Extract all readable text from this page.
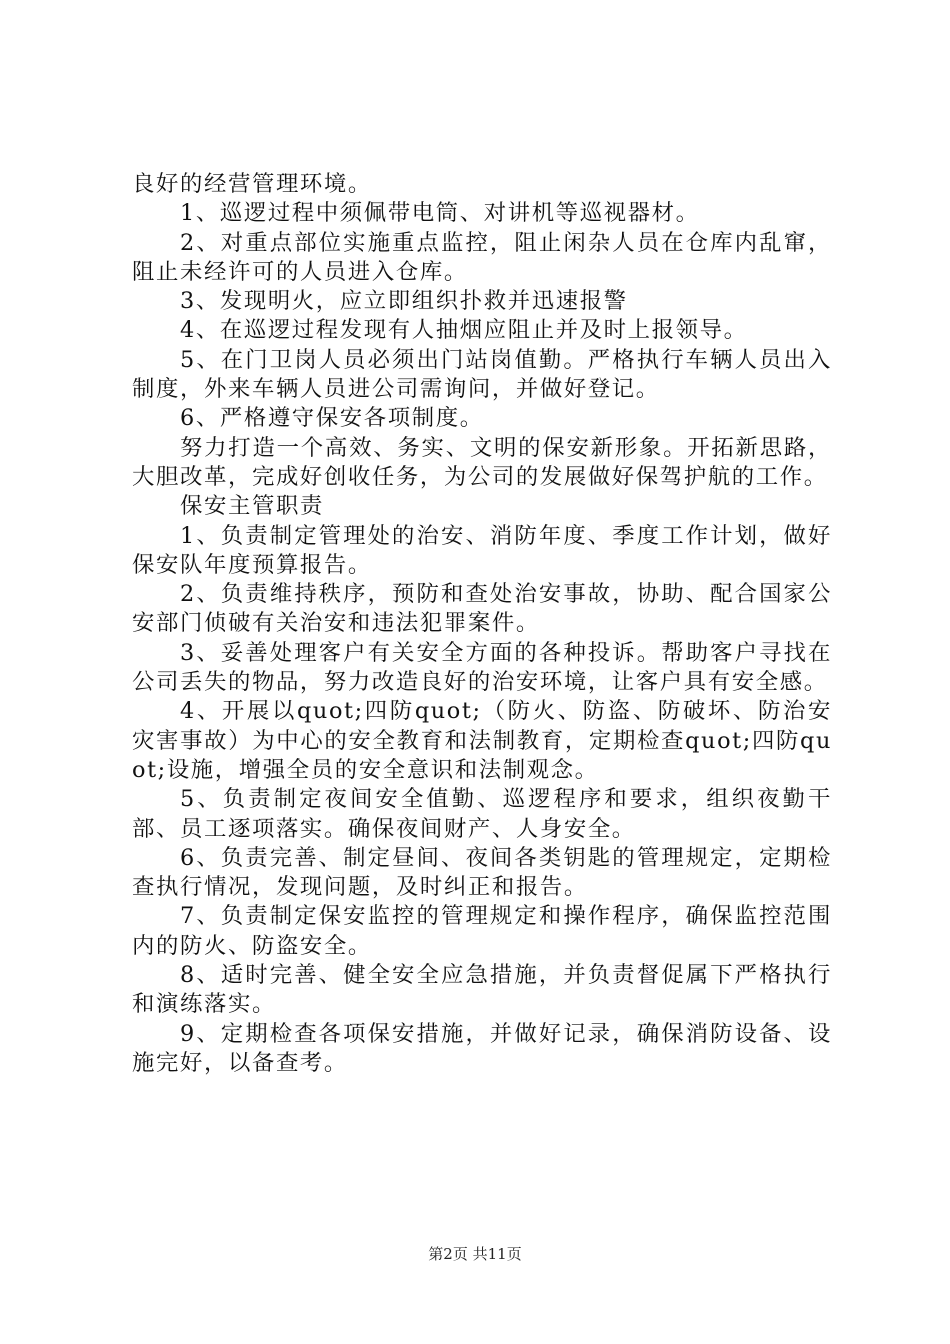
良好的经营管理环境。

1、巡逻过程中须佩带电筒、对讲机等巡视器材。

2、对重点部位实施重点监控，阻止闲杂人员在仓库内乱窜，阻止未经许可的人员进入仓库。

3、发现明火，应立即组织扑救并迅速报警

4、在巡逻过程发现有人抽烟应阻止并及时上报领导。

5、在门卫岗人员必须出门站岗值勤。严格执行车辆人员出入制度，外来车辆人员进公司需询问，并做好登记。

6、严格遵守保安各项制度。

努力打造一个高效、务实、文明的保安新形象。开拓新思路，大胆改革，完成好创收任务，为公司的发展做好保驾护航的工作。

保安主管职责

1、负责制定管理处的治安、消防年度、季度工作计划，做好保安队年度预算报告。

2、负责维持秩序，预防和查处治安事故，协助、配合国家公安部门侦破有关治安和违法犯罪案件。

3、妥善处理客户有关安全方面的各种投诉。帮助客户寻找在公司丢失的物品，努力改造良好的治安环境，让客户具有安全感。

4、开展以quot;四防quot;（防火、防盗、防破坏、防治安灾害事故）为中心的安全教育和法制教育，定期检查quot;四防quot;设施，增强全员的安全意识和法制观念。

5、负责制定夜间安全值勤、巡逻程序和要求，组织夜勤干部、员工逐项落实。确保夜间财产、人身安全。

6、负责完善、制定昼间、夜间各类钥匙的管理规定，定期检查执行情况，发现问题，及时纠正和报告。

7、负责制定保安监控的管理规定和操作程序，确保监控范围内的防火、防盗安全。

8、适时完善、健全安全应急措施，并负责督促属下严格执行和演练落实。

9、定期检查各项保安措施，并做好记录，确保消防设备、设施完好，以备查考。

第2页 共11页
